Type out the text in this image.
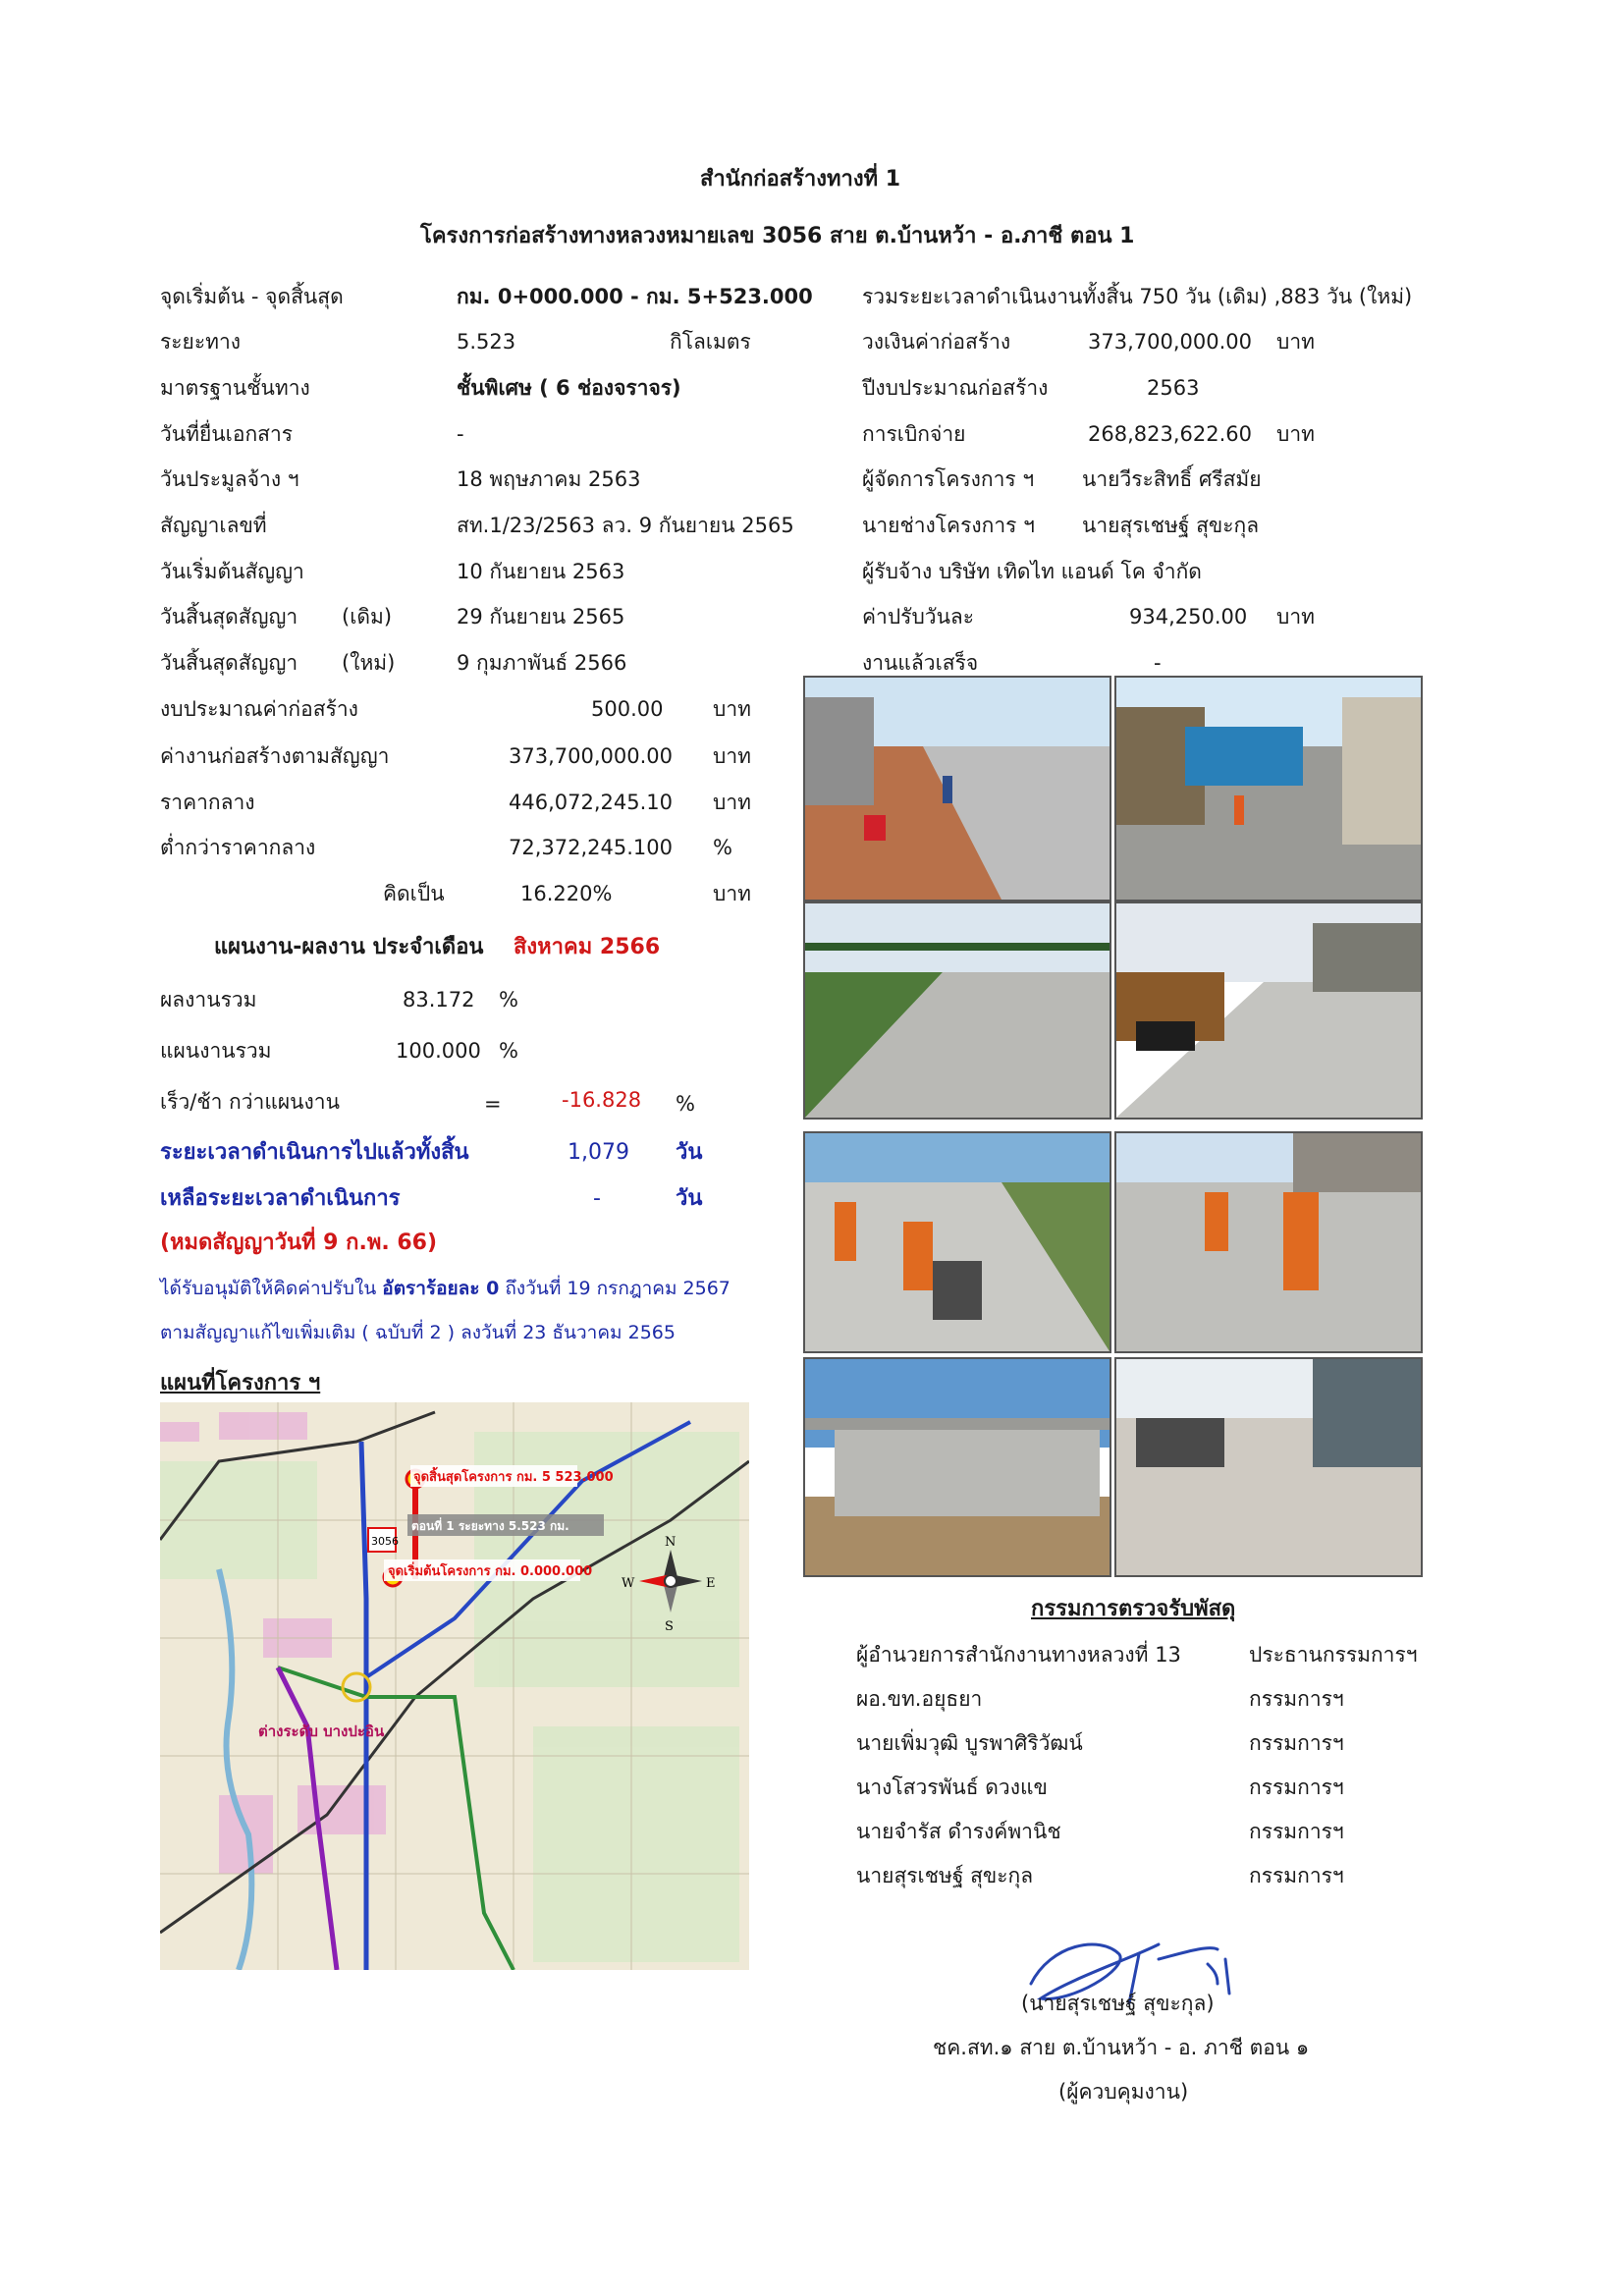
สำนักก่อสร้างทางที่ 1
โครงการก่อสร้างทางหลวงหมายเลข 3056 สาย ต.บ้านหว้า - อ.ภาชี ตอน 1
จุดเริ่มต้น - จุดสิ้นสุด	กม. 0+000.000 - กม. 5+523.000
ระยะทาง	5.523	กิโลเมตร
มาตรฐานชั้นทาง	ชั้นพิเศษ ( 6 ช่องจราจร)
วันที่ยื่นเอกสาร	-
วันประมูลจ้าง ฯ	18 พฤษภาคม 2563
สัญญาเลขที่	สท.1/23/2563 ลว. 9 กันยายน 2565
วันเริ่มต้นสัญญา	10 กันยายน 2563
วันสิ้นสุดสัญญา (เดิม)	29 กันยายน 2565
วันสิ้นสุดสัญญา (ใหม่)	9 กุมภาพันธ์ 2566
งบประมาณค่าก่อสร้าง	500.00 บาท
ค่างานก่อสร้างตามสัญญา	373,700,000.00 บาท
ราคากลาง	446,072,245.10 บาท
ต่ำกว่าราคากลาง	72,372,245.100 %
คิดเป็น	16.220%	บาท
รวมระยะเวลาดำเนินงานทั้งสิ้น 750 วัน (เดิม) ,883 วัน (ใหม่)
วงเงินค่าก่อสร้าง	373,700,000.00 บาท
ปีงบประมาณก่อสร้าง	2563
การเบิกจ่าย	268,823,622.60 บาท
ผู้จัดการโครงการ ฯ นายวีระสิทธิ์ ศรีสมัย
นายช่างโครงการ ฯ นายสุรเชษฐ์ สุขะกุล
ผู้รับจ้าง บริษัท เทิดไท แอนด์ โค จำกัด
ค่าปรับวันละ	934,250.00 บาท
งานแล้วเสร็จ	-
แผนงาน-ผลงาน ประจำเดือน สิงหาคม 2566
ผลงานรวม	83.172 %
แผนงานรวม	100.000 %
เร็ว/ช้า กว่าแผนงาน	=	-16.828 %
ระยะเวลาดำเนินการไปแล้วทั้งสิ้น	1,079 วัน
เหลือระยะเวลาดำเนินการ	-	วัน
(หมดสัญญาวันที่ 9 ก.พ. 66)
ได้รับอนุมัติให้คิดค่าปรับใน อัตราร้อยละ 0 ถึงวันที่ 19 กรกฎาคม 2567
ตามสัญญาแก้ไขเพิ่มเติม ( ฉบับที่ 2 ) ลงวันที่ 23 ธันวาคม 2565
แผนที่โครงการ ฯ
3056
จุดสิ้นสุดโครงการ กม. 5 523.000
ตอนที่ 1 ระยะทาง 5.523 กม.
จุดเริ่มต้นโครงการ กม. 0.000.000
ต่างระดับ บางปะอิน
N
S
E
W
กรรมการตรวจรับพัสดุ
ผู้อำนวยการสำนักงานทางหลวงที่ 13	ประธานกรรมการฯ
ผอ.ขท.อยุธยา	กรรมการฯ
นายเพิ่มวุฒิ บูรพาศิริวัฒน์	กรรมการฯ
นางโสวรพันธ์ ดวงแข	กรรมการฯ
นายจำรัส ดำรงค์พานิช	กรรมการฯ
นายสุรเชษฐ์ สุขะกุล	กรรมการฯ
(นายสุรเชษฐ์ สุขะกุล)
ชค.สท.๑ สาย ต.บ้านหว้า - อ. ภาชี ตอน ๑
(ผู้ควบคุมงาน)
